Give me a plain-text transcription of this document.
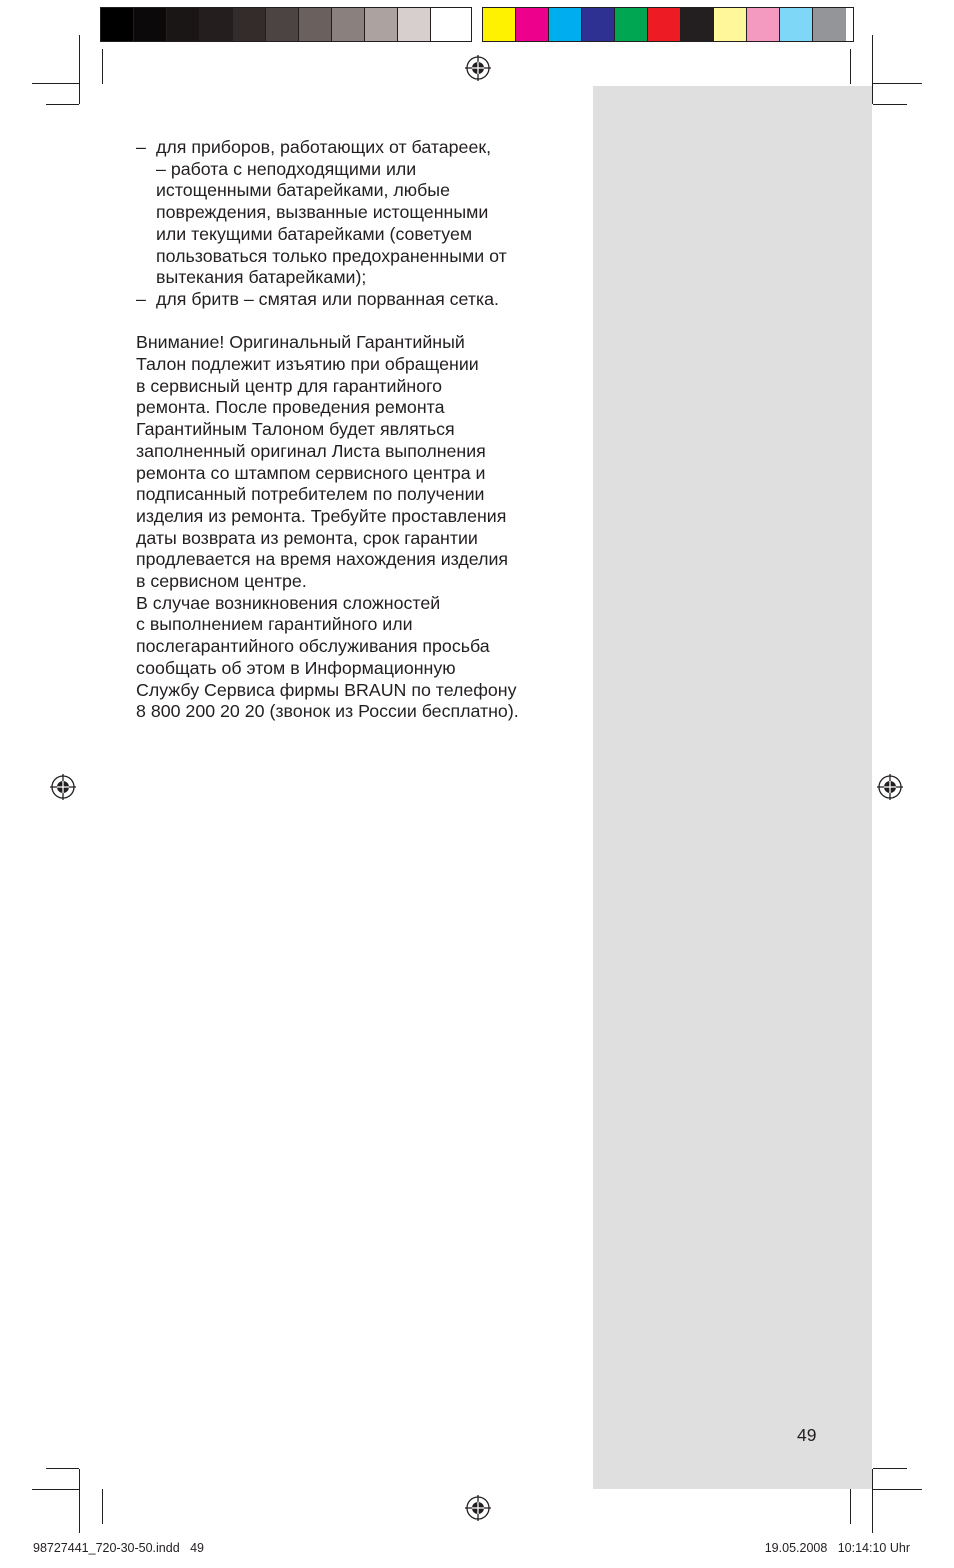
– для приборов, работающих от батареек,
– работа с неподходящими или
истощенными батарейками, любые
повреждения, вызванные истощенными
или текущими батарейками (советуем
пользоваться только предохраненными от
вытекания батарейками);
– для бритв – смятая или порванная сетка.
Внимание! Оригинальный Гарантийный
Талон подлежит изъятию при обращении
в сервисный центр для гарантийного
ремонта. После проведения ремонта
Гарантийным Талоном будет являться
заполненный оригинал Листа выполнения
ремонта со штампом сервисного центра и
подписанный потребителем по получении
изделия из ремонта. Требуйте проставления
даты возврата из ремонта, срок гарантии
продлевается на время нахождения изделия
в сервисном центре.
В случае возникновения сложностей
с выполнением гарантийного или
послегарантийного обслуживания просьба
сообщать об этом в Информационную
Службу Сервиса фирмы BRAUN по телефону
8 800 200 20 20 (звонок из России бесплатно).
49
98727441_720-30-50.indd   49	19.05.2008   10:14:10 Uhr
